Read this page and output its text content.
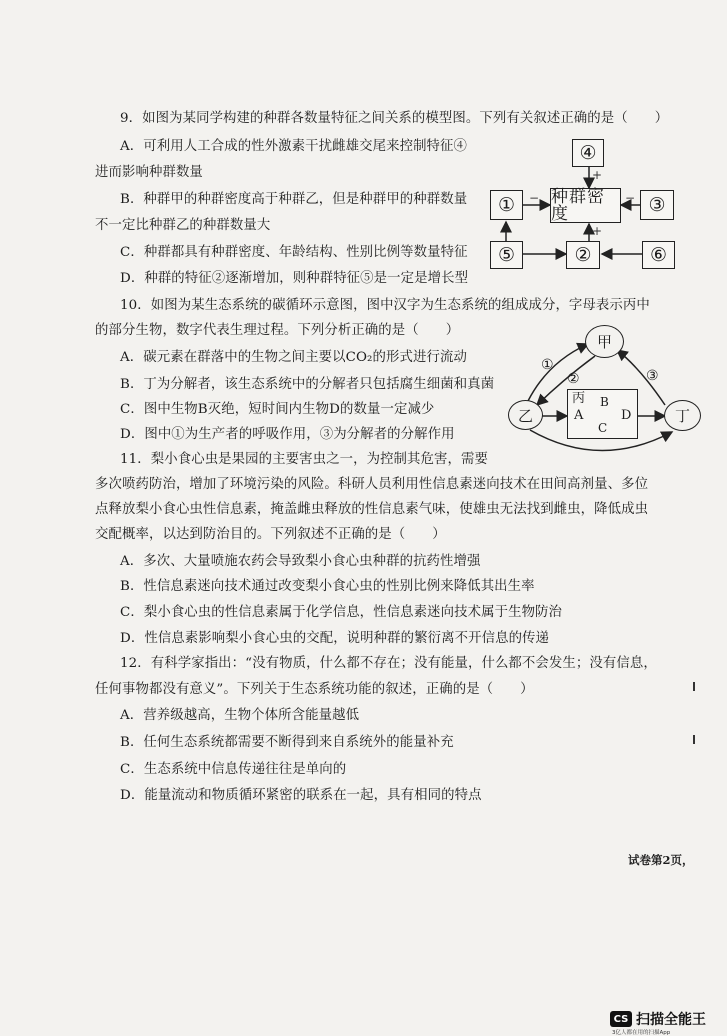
9．如图为某同学构建的种群各数量特征之间关系的模型图。下列有关叙述正确的是（　　）
A．可利用人工合成的性外激素干扰雌雄交尾来控制特征④
进而影响种群数量
B．种群甲的种群密度高于种群乙，但是种群甲的种群数量
不一定比种群乙的种群数量大
C．种群都具有种群密度、年龄结构、性别比例等数量特征
D．种群的特征②逐渐增加，则种群特征⑤是一定是增长型
④
种群密度
①	③
⑤	②	⑥
+
−	−
+
10．如图为某生态系统的碳循环示意图，图中汉字为生态系统的组成成分，字母表示丙中
的部分生物，数字代表生理过程。下列分析正确的是（　　）
A．碳元素在群落中的生物之间主要以CO₂的形式进行流动
B．丁为分解者，该生态系统中的分解者只包括腐生细菌和真菌
C．图中生物B灭绝，短时间内生物D的数量一定减少
D．图中①为生产者的呼吸作用，③为分解者的分解作用
甲
乙	丁
丙
A
B
C
D
①
②	③
11．梨小食心虫是果园的主要害虫之一，为控制其危害，需要
多次喷药防治，增加了环境污染的风险。科研人员利用性信息素迷向技术在田间高剂量、多位
点释放梨小食心虫性信息素，掩盖雌虫释放的性信息素气味，使雄虫无法找到雌虫，降低成虫
交配概率，以达到防治目的。下列叙述不正确的是（　　）
A．多次、大量喷施农药会导致梨小食心虫种群的抗药性增强
B．性信息素迷向技术通过改变梨小食心虫的性别比例来降低其出生率
C．梨小食心虫的性信息素属于化学信息，性信息素迷向技术属于生物防治
D．性信息素影响梨小食心虫的交配，说明种群的繁衍离不开信息的传递
12．有科学家指出：“没有物质，什么都不存在；没有能量，什么都不会发生；没有信息，
任何事物都没有意义”。下列关于生态系统功能的叙述，正确的是（　　）
A．营养级越高，生物个体所含能量越低
B．任何生态系统都需要不断得到来自系统外的能量补充
C．生态系统中信息传递往往是单向的
D．能量流动和物质循环紧密的联系在一起，具有相同的特点
试卷第2页，
CS 扫描全能王
3亿人都在用的扫描App
